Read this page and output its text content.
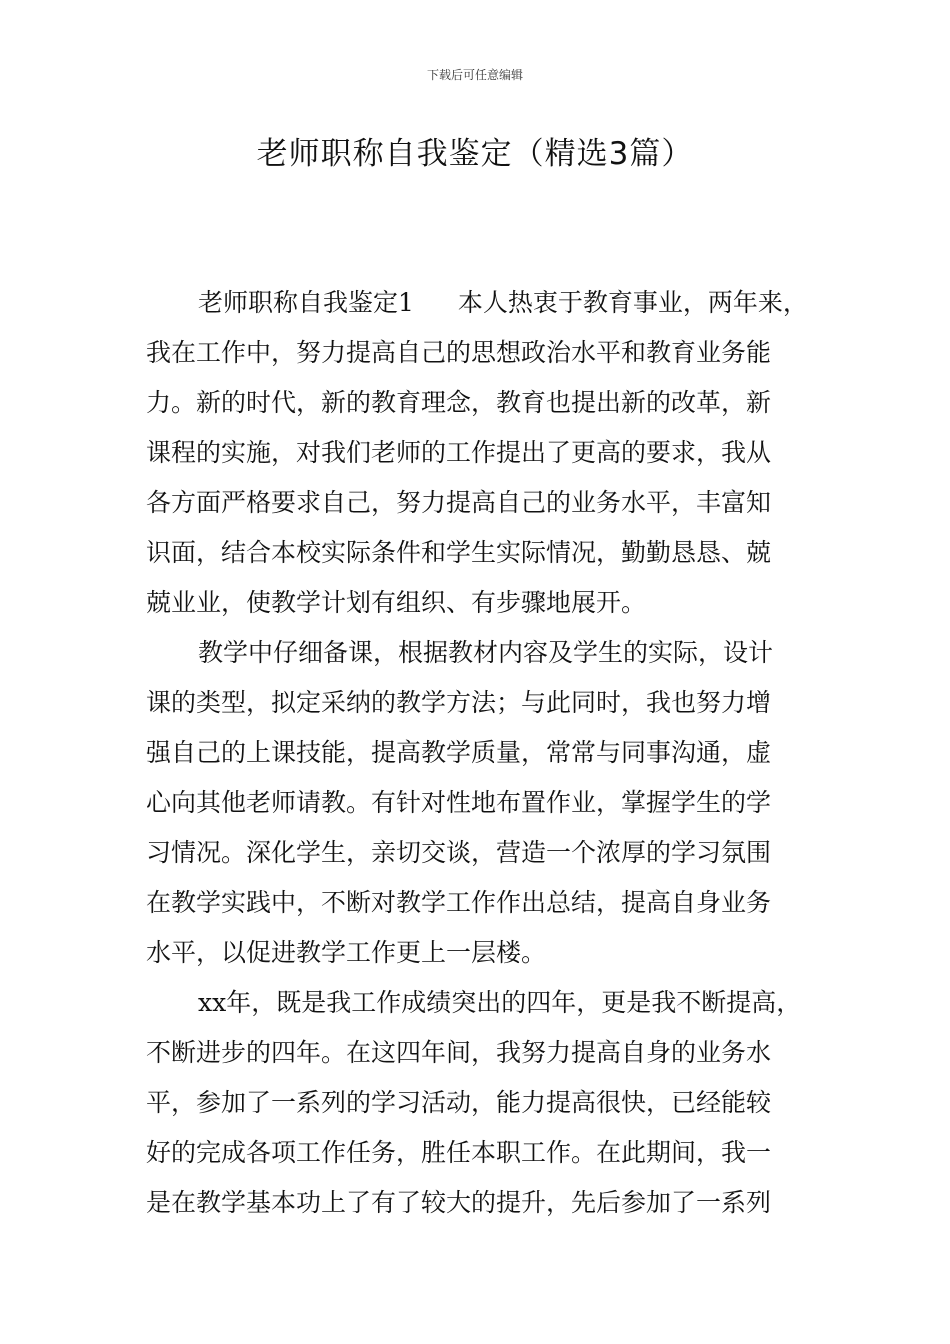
下载后可任意编辑
老师职称自我鉴定（精选3篇）

老师职称自我鉴定1 本人热衷于教育事业，两年来，
我在工作中，努力提高自己的思想政治水平和教育业务能
力。新的时代，新的教育理念，教育也提出新的改革，新
课程的实施，对我们老师的工作提出了更高的要求，我从
各方面严格要求自己，努力提高自己的业务水平，丰富知
识面，结合本校实际条件和学生实际情况，勤勤恳恳、兢
兢业业，使教学计划有组织、有步骤地展开。

教学中仔细备课，根据教材内容及学生的实际，设计
课的类型，拟定采纳的教学方法；与此同时，我也努力增
强自己的上课技能，提高教学质量，常常与同事沟通，虚
心向其他老师请教。有针对性地布置作业，掌握学生的学
习情况。深化学生，亲切交谈，营造一个浓厚的学习氛围
在教学实践中，不断对教学工作作出总结，提高自身业务
水平，以促进教学工作更上一层楼。

xx年，既是我工作成绩突出的四年，更是我不断提高，
不断进步的四年。在这四年间，我努力提高自身的业务水
平，参加了一系列的学习活动，能力提高很快，已经能较
好的完成各项工作任务，胜任本职工作。在此期间，我一
是在教学基本功上了有了较大的提升，先后参加了一系列
